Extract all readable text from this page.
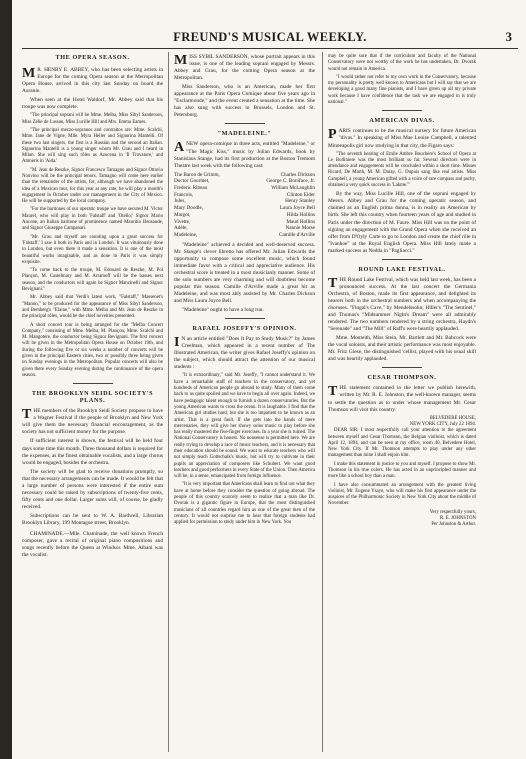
FREUND'S MUSICAL WEEKLY.	3
THE OPERA SEASON.

M R. HENRY E. ABBEY, who has been selecting artists in Europe for the coming Opera season at the Metropolitan Opera House, arrived in this city last Sunday on board the Auranie.

When seen at the Hotel Waldorf, Mr. Abbey said that his troupe was now complete.

"The principal soprani will be Mme. Melba, Miss Sibyl Sanderson, Miss Zélie de Lussan, Miss Lucille Hill and Mrs. Emma Eames.

"The principal mezzo-sopranos and contraltos are: Mme. Scalchi, Mme. Jane de Vigne, Mlle. Myra Heller and Signorina Mantelli. Of these two last singers, the first is a Russian and the second an Italian. Signorina Mantelli is a young singer whom Mr. Grau and I heard in Milan. She will sing such rôles as Azucena in 'Il Trovatore,' and Amneris in 'Aida.'

"M. Jean de Reszke, Signor Francesco Tamagno and Signor Ottavio Nouvino will be the principal tenors. Tamagno will come here earlier than the remainder of the artists, for, although we have abandoned the idea of a Mexican tour, for this year at any rate, he will play a month's engagement in October under our management in the City of Mexico. He will be supported by the local company.

"For the baritones of our operatic troupe we have secured M. Victor Maurel, who will play in both 'Falstaff' and 'Otello;' Signor Mario Ancone, an Italian baritone of prominence named Mauritio Bensaude, and Signor Giuseppe Campanari.

"Mr. Grau and myself are counting upon a great success for 'Falstaff.' I saw it both in Paris and in London. It was vituinously done in London, but even there it made a sensation. It is one of the most beautiful works imaginable, and as done in Paris it was simply exquisite.

"To come back to the troupe, M. Edouard de Reszke, M. Pol Plançon, M. Castelmary and M. Arramoff will be the basses next season, and the conductors will again be Signor Mancinelli and Signor Bevignani."

Mr. Abbey said that Verdi's latest work, "Falstaff," Massenet's "Manon," to be produced for the appearance of Miss Sibyl Sanderson, and Bemberg's "Elaine," with Mme. Melba and Mr. Jean de Reszke in the principal rôles, would be the chief novelties presented.

A short concert tour is being arranged for the "Melba Concert Company," consisting of Mme. Melba, M. Plançon, Mme. Scalchi and M. Mangotere, the conductor being Signor Bevignani. The first concert will be given in the Metropolitan Opera House on October 19th, and during the following five or six weeks a number of concerts will be given in the principal Eastern cities, two or possibly three being given on Sunday evenings in the Metropolitan. Popular concerts will also be given there every Sunday evening during the continuance of the opera season.

THE BROOKLYN SEIDL SOCIETY'S PLANS.

THE members of the Brooklyn Seidl Society propose to have a Wagner Festival if the people of Brooklyn and New York will give them the necessary financial encouragement, as the society has not sufficient money for the purpose.

If sufficient interest is shown, the festival will be held four days some time this month. Three thousand dollars is required for the expenses, as the finest obtainable vocalists, and a large chorus would be engaged, besides the orchestra.

The society will be glad to receive donations promptly, so that the necessary arrangements can be made. It would be felt that a large number of persons were interested if the entire sum necessary could be raised by subscriptions of twenty-five cents, fifty cents and one dollar. Larger sums will, of course, be gladly received.

Subscriptions can be sent to W. A. Bardwell, Librarian Brooklyn Library, 199 Montague street, Brooklyn.

CHAMINADE.—Mlle. Chaminade, the well known French composer, gave a recital of original piano compositions and songs recently before the Queen at Windsor. Mme. Albani was the vocalist.

MISS SYBIL SANDERSON, whose portrait appears in this issue, is one of the leading soprani engaged by Messrs. Abbey and Grau, for the coming Opera season at the Metropolitan.

Miss Sanderson, who is an American, made her first appearance at the Paris Opera Comique about five years ago in "Esclarmonde," and the event created a sensation at the time. She has also sung with success in Brussels, London and St. Petersburg.

"MADELEINE."

A NEW opera-comique in three acts, entitled "Madeleine," or "The Magic Kiss," music by Julian Edwards, book by Stanislaus Stange, had its first production at the Boston Tremont Theatre last week with the following cast:

The Baron de Grimm,	Charles Dickson
Doctor Gourmet,	George C. Boniface, Jr.
Frederic Ribeau	William McLaughlin
Francois,	Clinton Elder
Jules,	Henry Stanley
Mary Doodle,	Laura Joyce Bell
Margot,	Hilda Hollins
Vivette,	Maud Hollins
Adèle,	Nannie Morse
Madeleine,	Camille d'Arville

"Madeleine" achieved a decided and well-deserved success. Mr. Stange's clever libretto has offered Mr. Julian Edwards the opportunity to compose some excellent music, which found immediate favor with a critical and appreciative audience. His orchestral score is treated in a most musicianly manner. Some of the solo numbers are very charming and will doubtless become popular this season. Camille d'Arville made a great hit as Madeleine, and was most ably assisted by Mr. Charles Dickson and Miss Laura Joyce Bell.

"Madeleine" ought to have a long run.

RAFAEL JOSEFFY'S OPINION.

I N an article entitled "Does It Pay to Study Music?" by James Creelman, which appeared in a recent number of The Illustrated American, the writer gives Rafael Joseffy's opinion on the subject, which should attract the attention of our musical students :

"It is extraordinary," said Mr. Joseffy, "I cannot understand it. We have a remarkable staff of teachers in the conservatory, and yet hundreds of American people go abroad to study. Many of them come back to us quite spoiled and we have to begin all over again. Indeed, we have pedagogic talent enough to furnish a dozen conservatories. But the young American wants to cross the ocean. It is laughable. I find that the American girl studies hard, but she is too impatient to be known as an artist. That is a great fault. If she gets into the hands of mere mercenaries, they will give her showy solos music to play before she has really mastered the five-finger exercises. In a year she is ruined. The National Conservatory is honest. No nonsense is permitted here. We are really trying to develop a race of music teachers, and it is necessary that their education should be sound. We want to educate teachers who will not simply teach Gottschalk's music, but will try to cultivate in their pupils an appreciation of composers like Schubert. We want good teachers and good performers in every State of the Union. Then America will be, in a sense, emancipated from foreign influence.

"It is very important that Americans shall learn to find out what they have at home before they consider the question of going abroad. The people of this country scarcely seem to realize that a man like Dr. Dvorak is a gigantic figure in Europe, that the most distinguished musicians of all countries regard him as one of the great men of the century. It would not surprise me to hear that foreign students had applied for permission to study under him in New York. You

may be quite sure that if the curriculum and faculty of the National Conservatory were not worthy of the work he has undertaken, Dr. Dvorak would not remain in America.

"I would rather not refer to my own work in the Conservatory, because my personality is pretty well known to Americans but I will say that we are developing a good many fine pianists, and I have given up all my private work because I have confidence that the task we are engaged in is truly national."

AMERICAN DIVAS.

PARIS continues to be the musical nursery for future American "divas." In speaking of Miss Mae Louise Campbell, a talented Minneapolis girl now studying in that city, the Figaro says:

"The seventh hearing of Emile Ambre Bouchère's School of Opera at Le Bolliniere was the most brilliant so far. Several directors were in attendance and engagements will be concluded within a short time. Misses Ricard, De Marth, M. M. Daray, G. Dupuis sang like real artists. Miss Campbell, a young American gifted with a voice of rare compass and purity, obtained a very quick success in 'Lakme.'"

By the way, Miss Lucille Hill, one of the soprani engaged by Messrs. Abbey and Grau for the coming operatic season, and claimed as an English prima donna, is in reality an American by birth. She left this country when fourteen years of age and studied in Paris under the direction of M. Faure. Miss Hill was on the point of signing an engagement with the Grand Opera when she received an offer from D'Oyly Carte to go to London and create the chief rôle in "Ivanhoe" at the Royal English Opera. Miss Hill lately made a marked success as Nedda in "Pagliacci."

ROUND LAKE FESTIVAL.

THE Round Lake Festival, which was held last week, has been a pronounced success. At the last concert the Germania Orchestra, of Boston, made its first appearance, and delighted its hearers both in the orchestral numbers and when accompanying the choruses. "Fingal's Cave," by Mendelssohn; Hiller's "The Sentinel," and Thomas's "Midsummer Night's Dream" were all admirably rendered. The two numbers rendered by a string orchestra, Haydn's "Serenade" and "The Mill" of Raff's were heartily applauded.

Mme. Monteith, Miss Stein, Mr. Bartlett and Mr. Babcock were the vocal soloists, and their artistic performance was most enjoyable. Mr. Fritz Giese, the distinguished 'cellist, played with his usual skill and was heartily applauded.

CESAR THOMPSON.

THE statement contained in the letter we publish herewith, written by Mr. R. E. Johnston, the well-known manager, seems to settle the question as to under whose management Mr. Cesar Thomson will visit this country.

BELVEDERE HOUSE,
NEW YORK CITY, July 22 1894.

DEAR SIR: I most respectfully call your attention to the agreement between myself and Cesar Thomson, the Belgian violinist, which is dated April 12, 1894, and can be seen at my office, room 40, Belvedere Hotel, New York City. If Mr. Thomson attempts to play under any other management than mine I shall enjoin him.

I make this statement in justice to you and myself. I propose to show Mr. Thomson in his true colors. He has acted in an unprincipled manner and more like a school boy than a man.

I have also consummated an arrangement with the greatest living violinist, Mr. Eugene Ysaye, who will make his first appearance under the auspices of the Philharmonic Society in New York City about the middle of November.

Very respectfully yours,
R. E. JOHNSTON
Per Johnston & Arthur.
